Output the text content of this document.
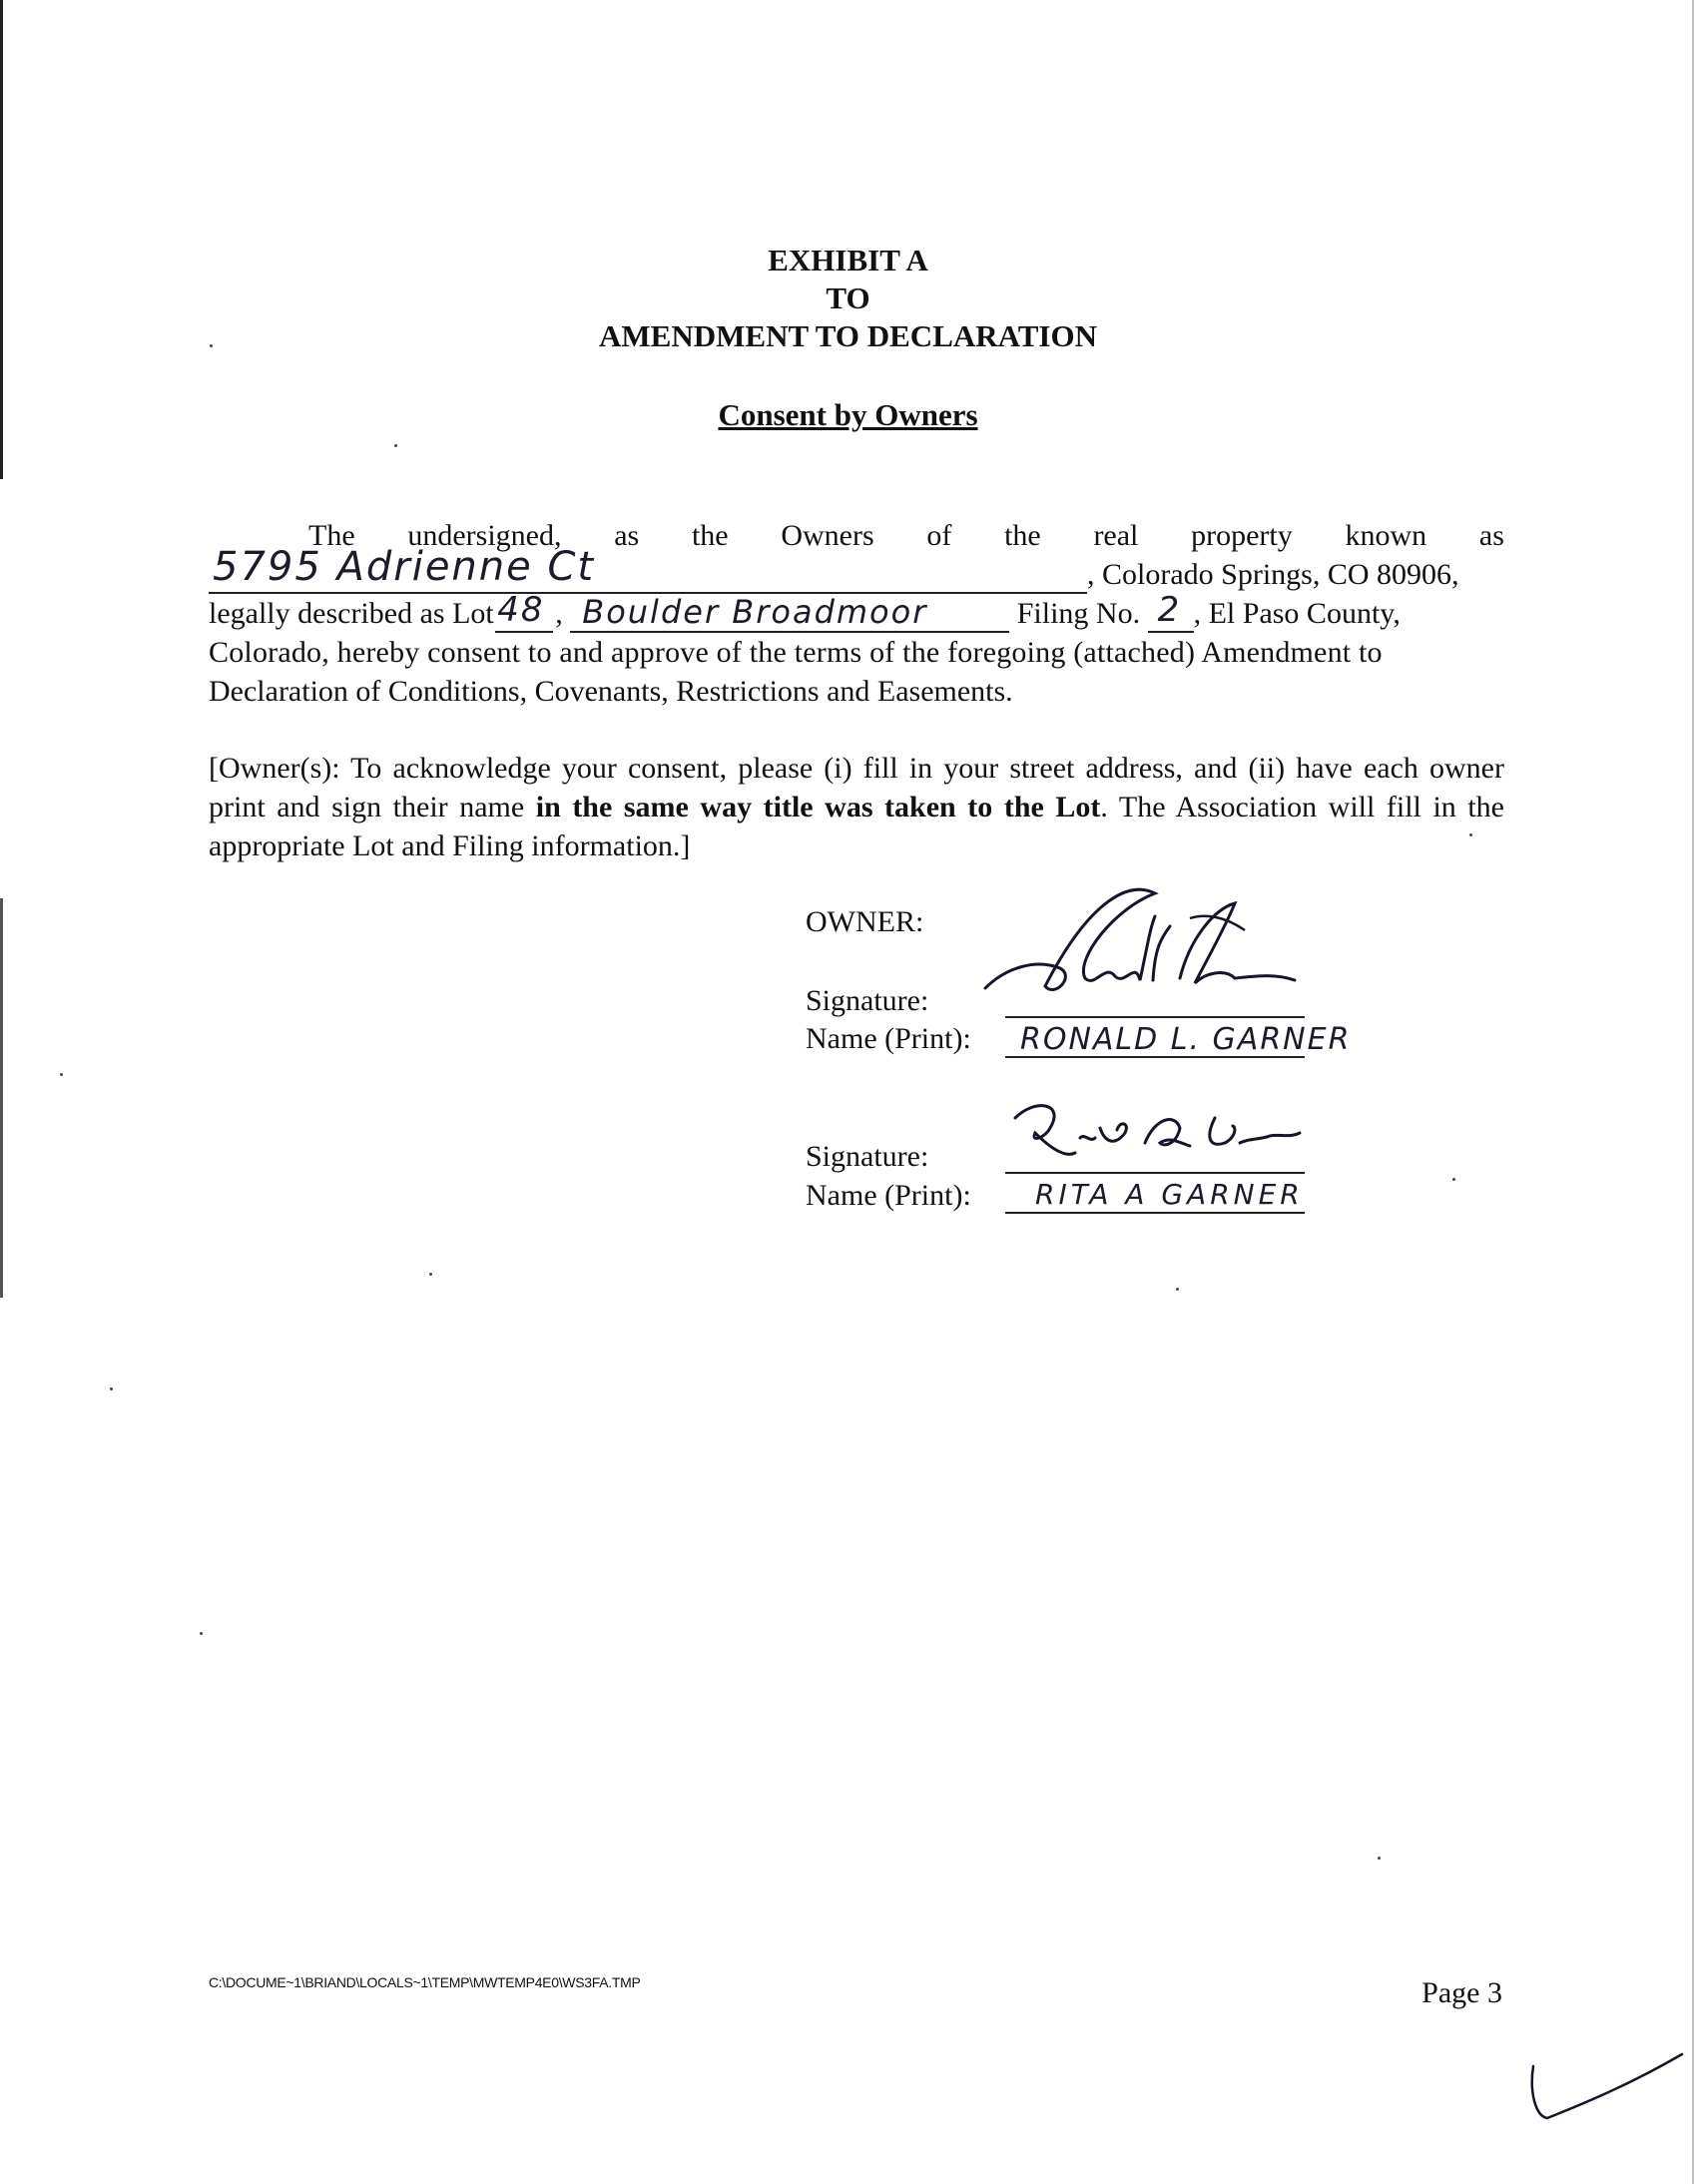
EXHIBIT A
TO
AMENDMENT TO DECLARATION
Consent by Owners
The undersigned, as the Owners of the real property known as
5795 Adrienne Ct	, Colorado Springs, CO 80906,
legally described as Lot 48 , Boulder Broadmoor	Filing No. 2 , El Paso County,
Colorado, hereby consent to and approve of the terms of the foregoing (attached) Amendment to
Declaration of Conditions, Covenants, Restrictions and Easements.
[Owner(s): To acknowledge your consent, please (i) fill in your street address, and (ii) have each owner print and sign their name in the same way title was taken to the Lot. The Association will fill in the appropriate Lot and Filing information.]
OWNER:
Signature:
Name (Print): RONALD L. GARNER
Signature:
Name (Print): RITA A GARNER
C:\DOCUME~1\BRIAND\LOCALS~1\TEMP\MWTEMP4E0\WS3FA.TMP	Page 3
